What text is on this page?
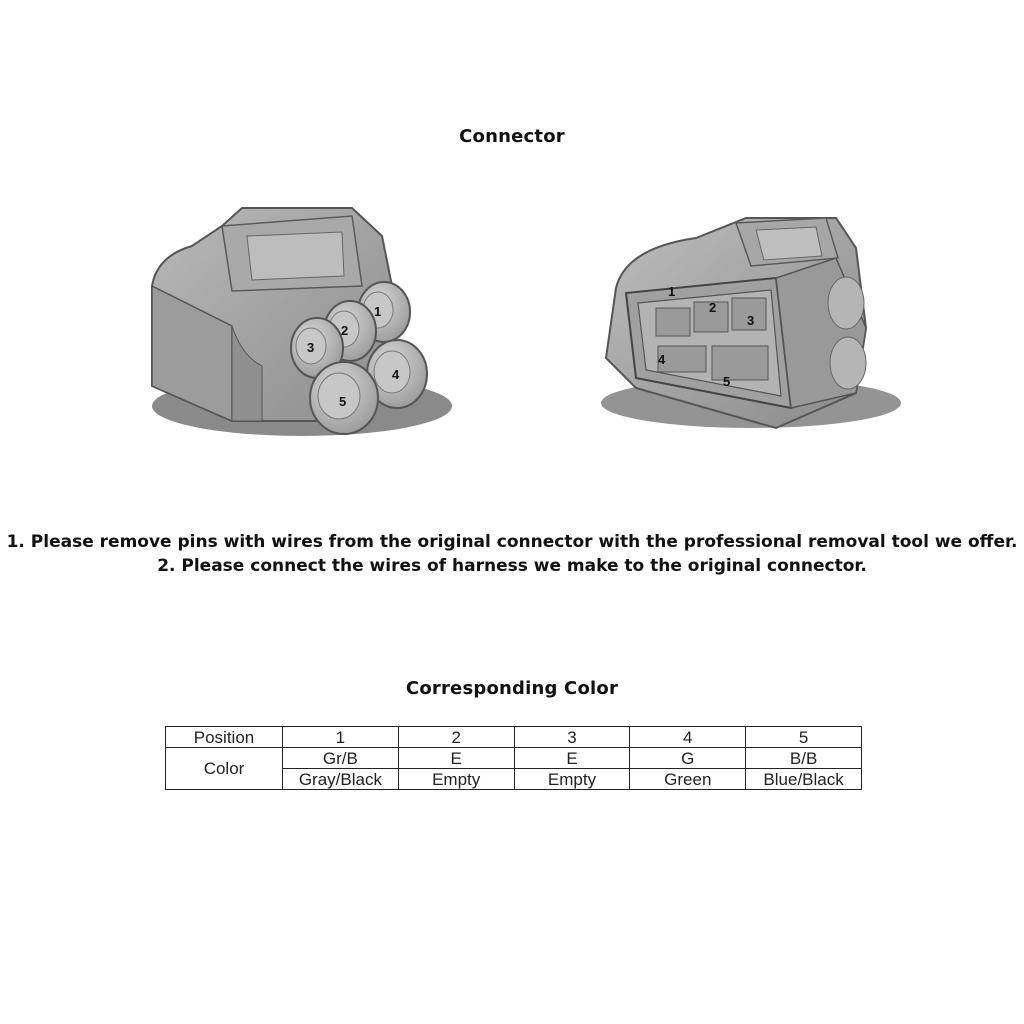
Connector
1
2
3
4
5
1
2
3
4
5
1. Please remove pins with wires from the original connector with the professional removal tool we offer.
2. Please connect the wires of harness we make to the original connector.
Corresponding Color
Position	1	2	3	4	5
Color	Gr/B	E	E	G	B/B
	Gray/Black	Empty	Empty	Green	Blue/Black
